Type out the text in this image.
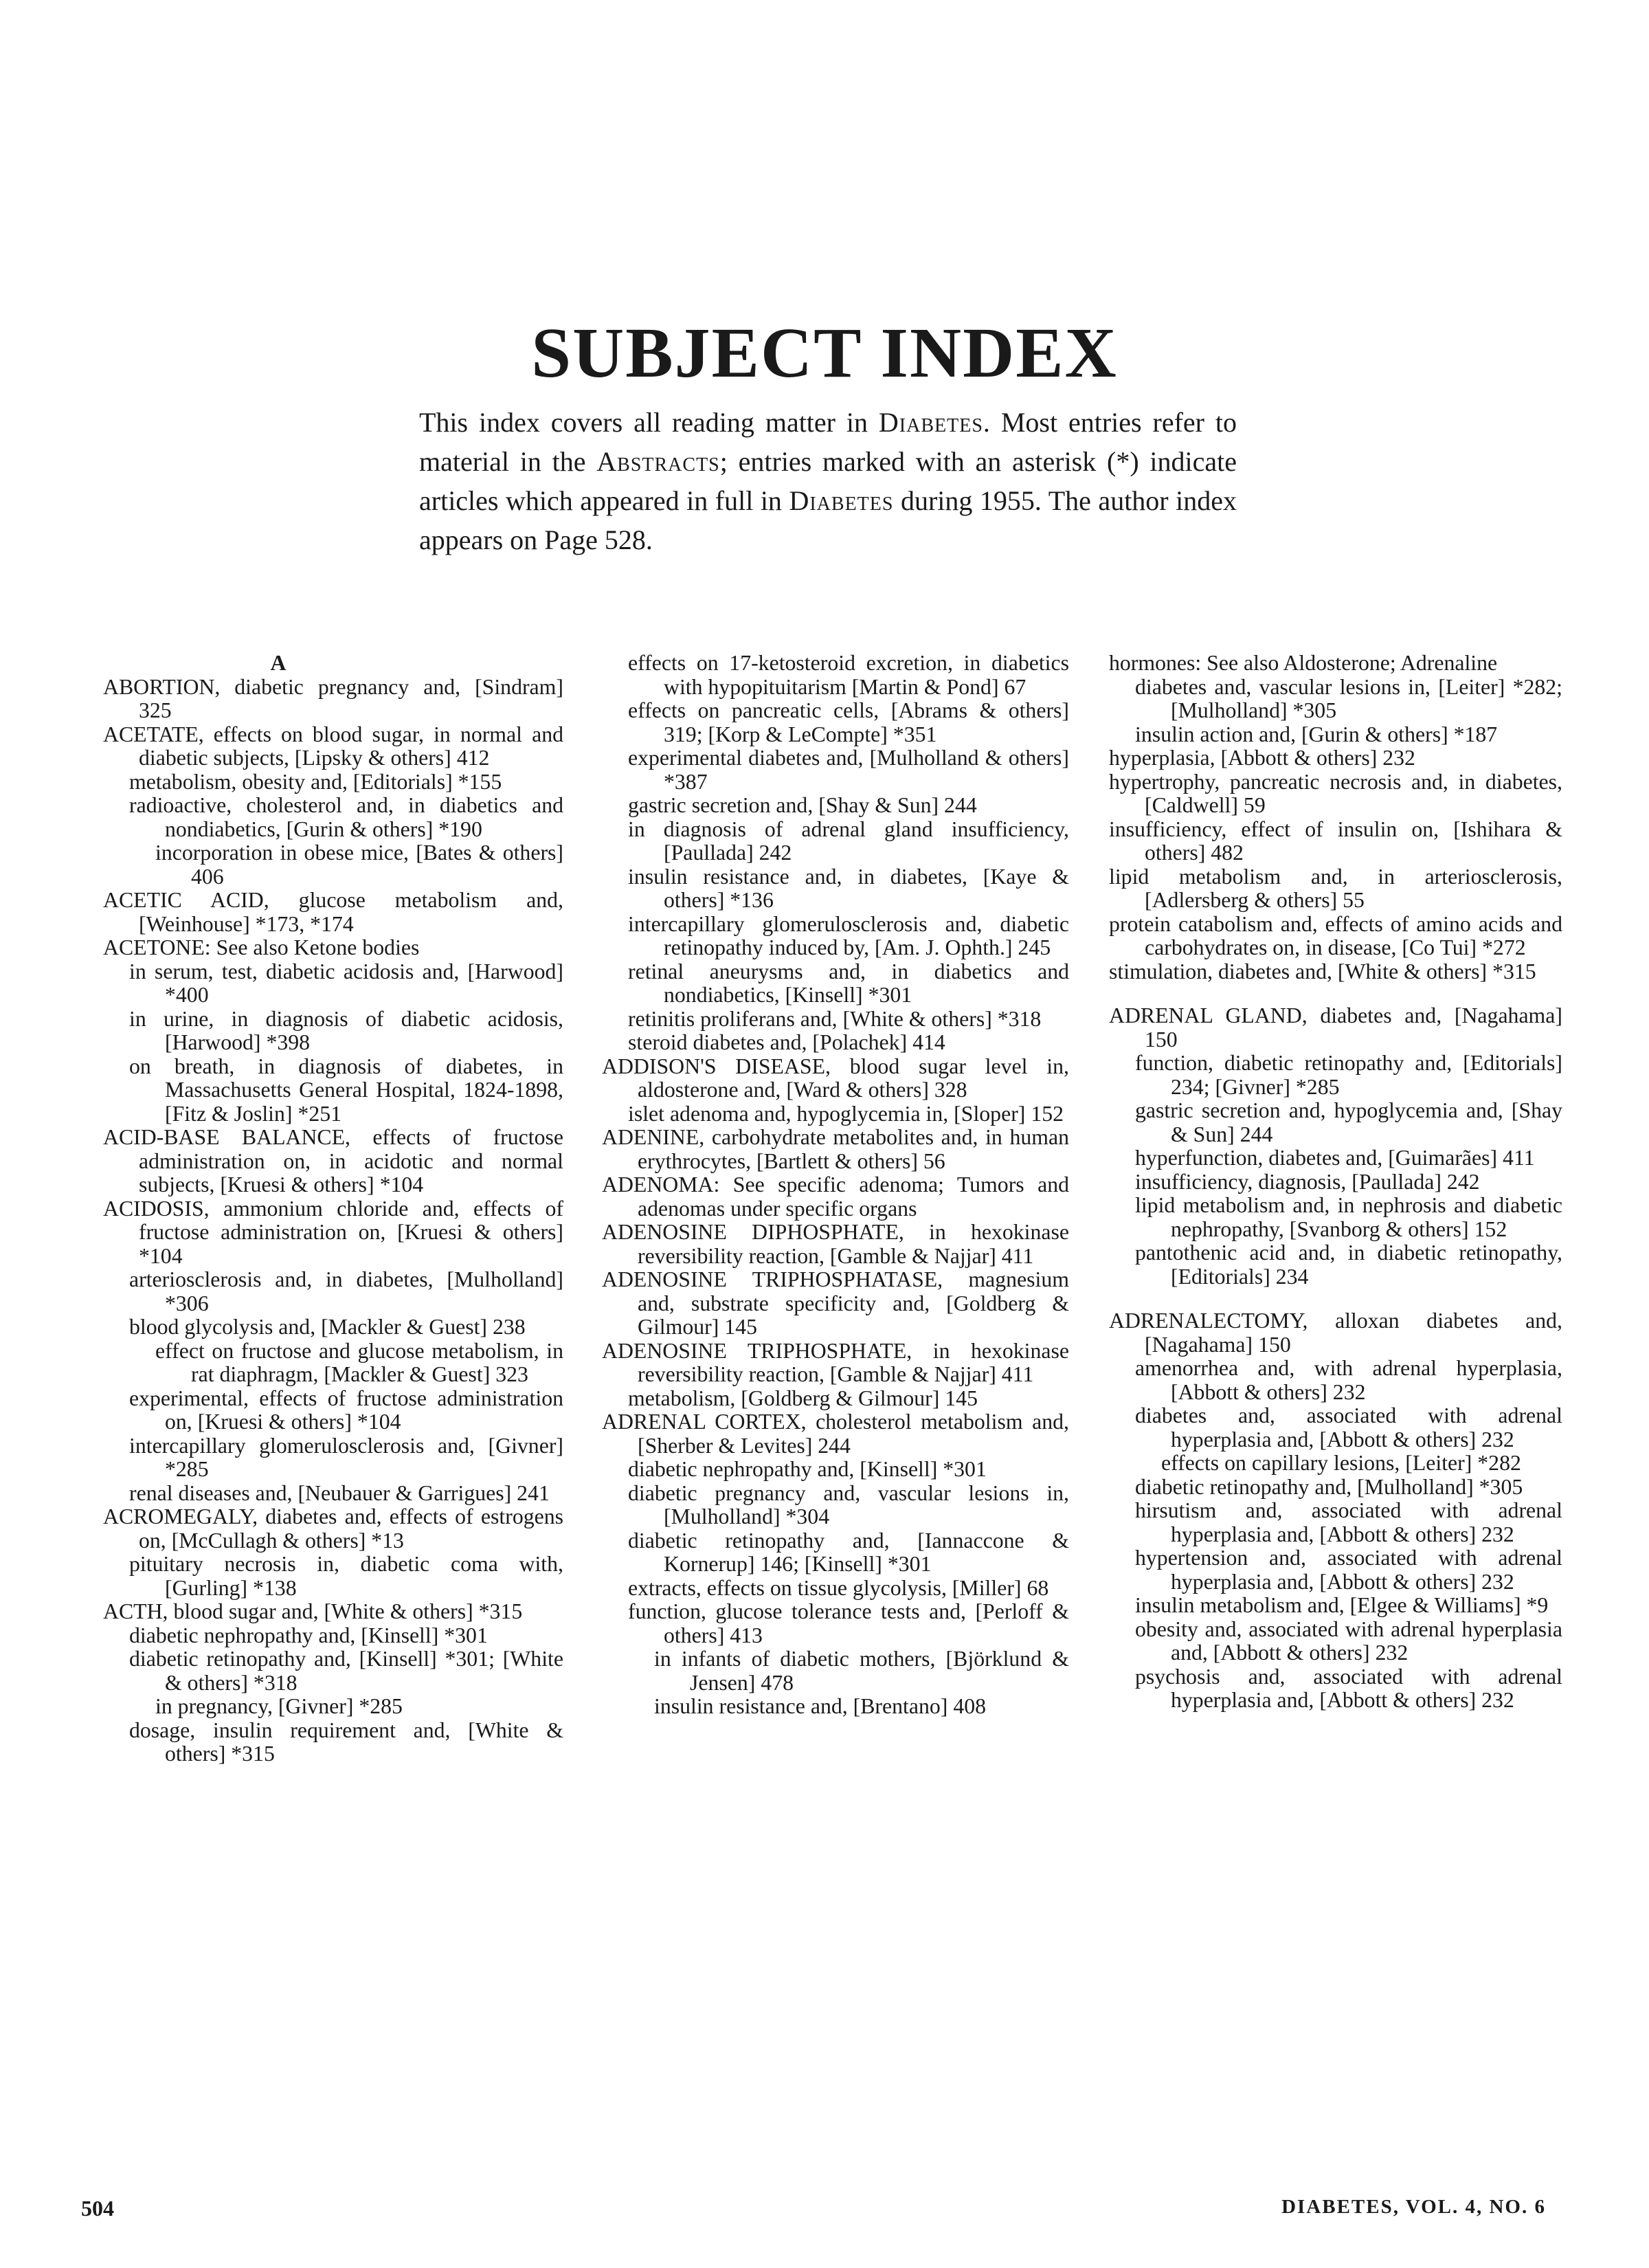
SUBJECT INDEX

This index covers all reading matter in Diabetes. Most entries refer to material in the Abstracts; entries marked with an asterisk (*) indicate articles which appeared in full in Diabetes during 1955. The author index appears on Page 528.

A
ABORTION, diabetic pregnancy and, [Sindram] 325
ACETATE, effects on blood sugar, in normal and diabetic subjects, [Lipsky & others] 412
metabolism, obesity and, [Editorials] *155
radioactive, cholesterol and, in diabetics and nondiabetics, [Gurin & others] *190
incorporation in obese mice, [Bates & others] 406
ACETIC ACID, glucose metabolism and, [Weinhouse] *173, *174
ACETONE: See also Ketone bodies
in serum, test, diabetic acidosis and, [Harwood] *400
in urine, in diagnosis of diabetic acidosis, [Harwood] *398
on breath, in diagnosis of diabetes, in Massachusetts General Hospital, 1824-1898, [Fitz & Joslin] *251
ACID-BASE BALANCE, effects of fructose administration on, in acidotic and normal subjects, [Kruesi & others] *104
ACIDOSIS, ammonium chloride and, effects of fructose administration on, [Kruesi & others] *104
arteriosclerosis and, in diabetes, [Mulholland] *306
blood glycolysis and, [Mackler & Guest] 238
effect on fructose and glucose metabolism, in rat diaphragm, [Mackler & Guest] 323
experimental, effects of fructose administration on, [Kruesi & others] *104
intercapillary glomerulosclerosis and, [Givner] *285
renal diseases and, [Neubauer & Garrigues] 241
ACROMEGALY, diabetes and, effects of estrogens on, [McCullagh & others] *13
pituitary necrosis in, diabetic coma with, [Gurling] *138
ACTH, blood sugar and, [White & others] *315
diabetic nephropathy and, [Kinsell] *301
diabetic retinopathy and, [Kinsell] *301; [White & others] *318
in pregnancy, [Givner] *285
dosage, insulin requirement and, [White & others] *315
effects on 17-ketosteroid excretion, in diabetics with hypopituitarism [Martin & Pond] 67
effects on pancreatic cells, [Abrams & others] 319; [Korp & LeCompte] *351
experimental diabetes and, [Mulholland & others] *387
gastric secretion and, [Shay & Sun] 244
in diagnosis of adrenal gland insufficiency, [Paullada] 242
insulin resistance and, in diabetes, [Kaye & others] *136
intercapillary glomerulosclerosis and, diabetic retinopathy induced by, [Am. J. Ophth.] 245
retinal aneurysms and, in diabetics and nondiabetics, [Kinsell] *301
retinitis proliferans and, [White & others] *318
steroid diabetes and, [Polachek] 414
ADDISON'S DISEASE, blood sugar level in, aldosterone and, [Ward & others] 328
islet adenoma and, hypoglycemia in, [Sloper] 152
ADENINE, carbohydrate metabolites and, in human erythrocytes, [Bartlett & others] 56
ADENOMA: See specific adenoma; Tumors and adenomas under specific organs
ADENOSINE DIPHOSPHATE, in hexokinase reversibility reaction, [Gamble & Najjar] 411
ADENOSINE TRIPHOSPHATASE, magnesium and, substrate specificity and, [Goldberg & Gilmour] 145
ADENOSINE TRIPHOSPHATE, in hexokinase reversibility reaction, [Gamble & Najjar] 411
metabolism, [Goldberg & Gilmour] 145
ADRENAL CORTEX, cholesterol metabolism and, [Sherber & Levites] 244
diabetic nephropathy and, [Kinsell] *301
diabetic pregnancy and, vascular lesions in, [Mulholland] *304
diabetic retinopathy and, [Iannaccone & Kornerup] 146; [Kinsell] *301
extracts, effects on tissue glycolysis, [Miller] 68
function, glucose tolerance tests and, [Perloff & others] 413
in infants of diabetic mothers, [Björklund & Jensen] 478
insulin resistance and, [Brentano] 408
hormones: See also Aldosterone; Adrenaline
diabetes and, vascular lesions in, [Leiter] *282; [Mulholland] *305
insulin action and, [Gurin & others] *187
hyperplasia, [Abbott & others] 232
hypertrophy, pancreatic necrosis and, in diabetes, [Caldwell] 59
insufficiency, effect of insulin on, [Ishihara & others] 482
lipid metabolism and, in arteriosclerosis, [Adlersberg & others] 55
protein catabolism and, effects of amino acids and carbohydrates on, in disease, [Co Tui] *272
stimulation, diabetes and, [White & others] *315
ADRENAL GLAND, diabetes and, [Nagahama] 150
function, diabetic retinopathy and, [Editorials] 234; [Givner] *285
gastric secretion and, hypoglycemia and, [Shay & Sun] 244
hyperfunction, diabetes and, [Guimarães] 411
insufficiency, diagnosis, [Paullada] 242
lipid metabolism and, in nephrosis and diabetic nephropathy, [Svanborg & others] 152
pantothenic acid and, in diabetic retinopathy, [Editorials] 234
ADRENALECTOMY, alloxan diabetes and, [Nagahama] 150
amenorrhea and, with adrenal hyperplasia, [Abbott & others] 232
diabetes and, associated with adrenal hyperplasia and, [Abbott & others] 232
effects on capillary lesions, [Leiter] *282
diabetic retinopathy and, [Mulholland] *305
hirsutism and, associated with adrenal hyperplasia and, [Abbott & others] 232
hypertension and, associated with adrenal hyperplasia and, [Abbott & others] 232
insulin metabolism and, [Elgee & Williams] *9
obesity and, associated with adrenal hyperplasia and, [Abbott & others] 232
psychosis and, associated with adrenal hyperplasia and, [Abbott & others] 232
504	DIABETES, VOL. 4, NO. 6
